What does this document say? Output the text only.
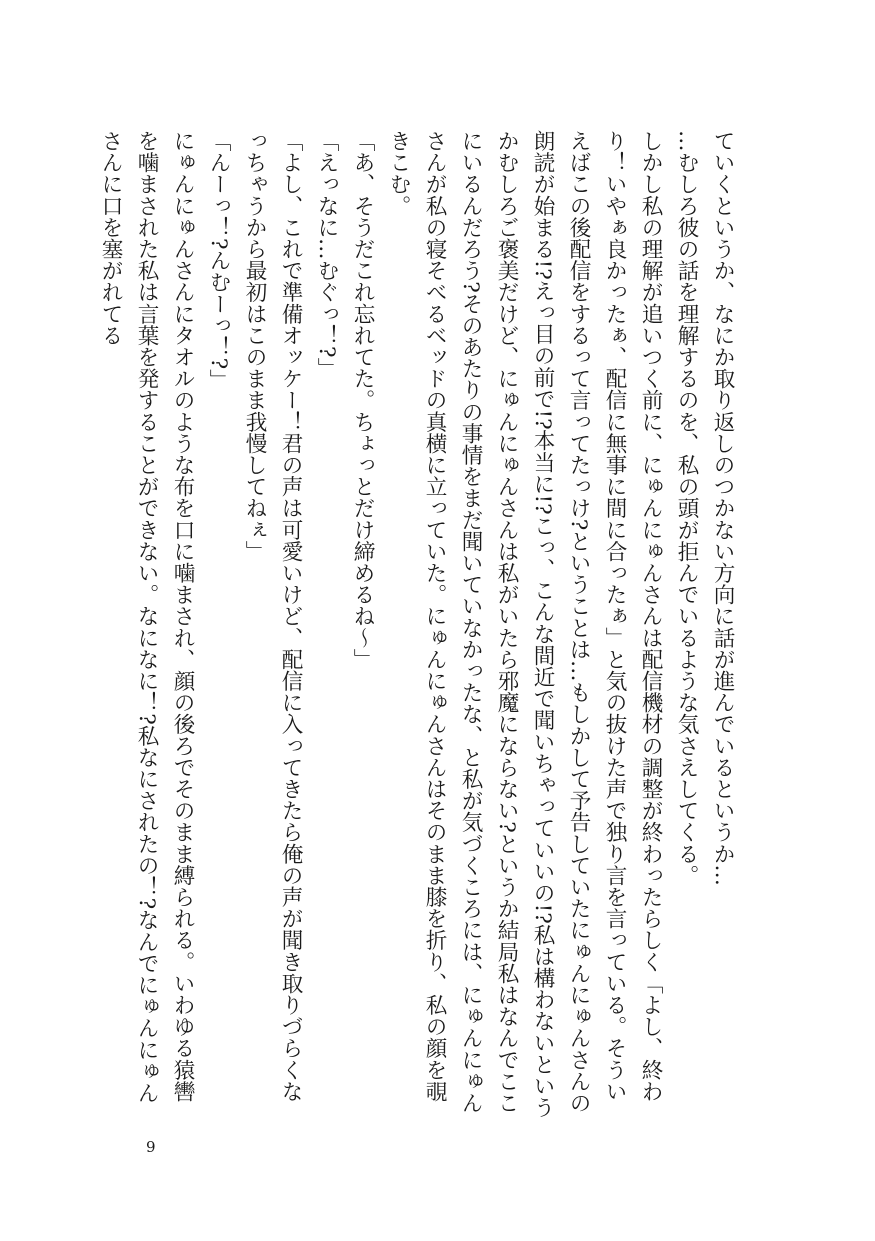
ていくというか、なにか取り返しのつかない方向に話が進んでいるというか…

…むしろ彼の話を理解するのを、私の頭が拒んでいるような気さえしてくる。

しかし私の理解が追いつく前に、にゅんにゅんさんは配信機材の調整が終わったらしく「よし、終わり！いやぁ良かったぁ、配信に無事に間に合ったぁ」と気の抜けた声で独り言を言っている。そういえばこの後配信をするって言ってたっけ?ということは…もしかして予告していたにゅんにゅんさんの朗読が始まる!?えっ目の前で!?本当に!?こっ、こんな間近で聞いちゃっていいの!?私は構わないというかむしろご褒美だけど、にゅんにゅんさんは私がいたら邪魔にならない?というか結局私はなんでここにいるんだろう?そのあたりの事情をまだ聞いていなかったな、と私が気づくころには、にゅんにゅんさんが私の寝そべるベッドの真横に立っていた。にゅんにゅんさんはそのまま膝を折り、私の顔を覗きこむ。

「あ、そうだこれ忘れてた。ちょっとだけ締めるね〜」

「えっなに…むぐっ！?」

「よし、これで準備オッケー！君の声は可愛いけど、配信に入ってきたら俺の声が聞き取りづらくなっちゃうから最初はこのまま我慢してねぇ」

「んーっ！?んむーっ！?」

にゅんにゅんさんにタオルのような布を口に噛まされ、顔の後ろでそのまま縛られる。いわゆる猿轡を噛まされた私は言葉を発することができない。なになに！?私なにされたの！?なんでにゅんにゅんさんに口を塞がれてる

9
